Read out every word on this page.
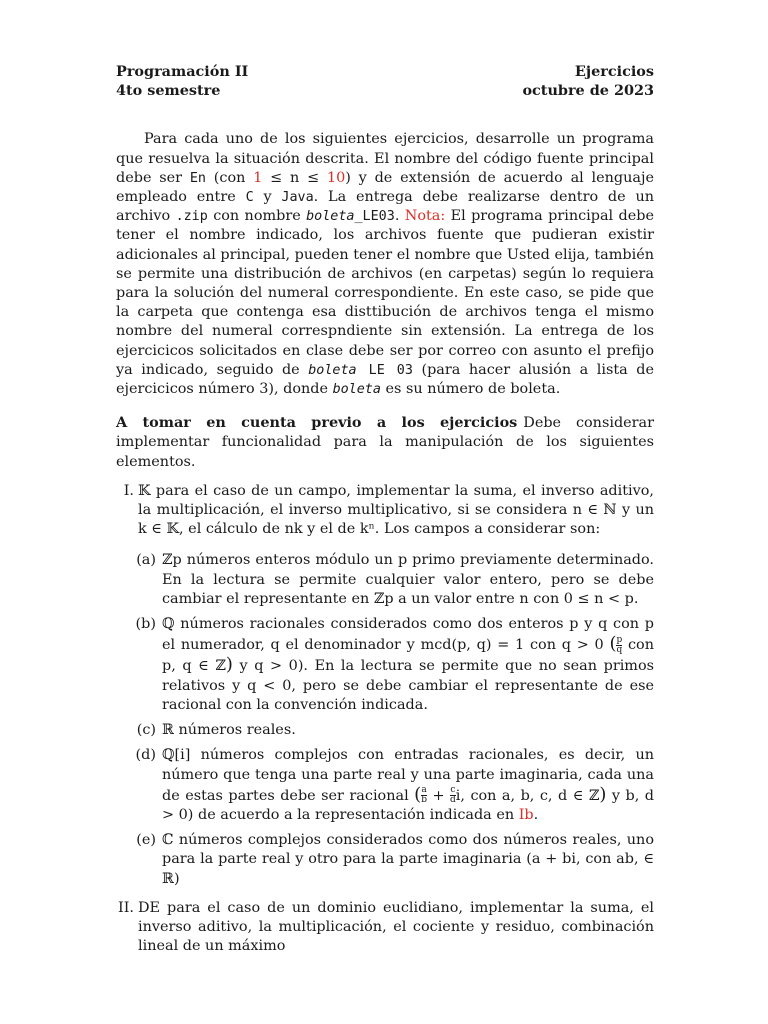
Programación II
4to semestre
Ejercicios
octubre de 2023

Para cada uno de los siguientes ejercicios, desarrolle un programa que resuelva la situación descrita. El nombre del código fuente principal debe ser En (con 1 ≤ n ≤ 10) y de extensión de acuerdo al lenguaje empleado entre C y Java. La entrega debe realizarse dentro de un archivo .zip con nombre boleta_LE03. Nota: El programa principal debe tener el nombre indicado, los archivos fuente que pudieran existir adicionales al principal, pueden tener el nombre que Usted elija, también se permite una distribución de archivos (en carpetas) según lo requiera para la solución del numeral correspondiente. En este caso, se pide que la carpeta que contenga esa disttibución de archivos tenga el mismo nombre del numeral correspndiente sin extensión. La entrega de los ejercicicos solicitados en clase debe ser por correo con asunto el prefijo ya indicado, seguido de boleta LE 03 (para hacer alusión a lista de ejercicicos número 3), donde boleta es su número de boleta.

A tomar en cuenta previo a los ejercicios Debe considerar implementar funcionalidad para la manipulación de los siguientes elementos.

I. 𝕂 para el caso de un campo, implementar la suma, el inverso aditivo, la multiplicación, el inverso multiplicativo, si se considera n ∈ ℕ y un k ∈ 𝕂, el cálculo de nk y el de kⁿ. Los campos a considerar son:

(a) ℤp números enteros módulo un p primo previamente determinado. En la lectura se permite cualquier valor entero, pero se debe cambiar el representante en ℤp a un valor entre n con 0 ≤ n < p.

(b) ℚ números racionales considerados como dos enteros p y q con p el numerador, q el denominador y mcd(p, q) = 1 con q > 0 ( $\frac{p}{q}$ con p, q ∈ ℤ) y q > 0). En la lectura se permite que no sean primos relativos y q < 0, pero se debe cambiar el representante de ese racional con la convención indicada.

(c) ℝ números reales.

(d) ℚ[i] números complejos con entradas racionales, es decir, un número que tenga una parte real y una parte imaginaria, cada una de estas partes debe ser racional ( $\frac{a}{b} + \frac{c}{d} i$, con a, b, c, d ∈ ℤ) y b, d > 0) de acuerdo a la representación indicada en Ib.

(e) ℂ números complejos considerados como dos números reales, uno para la parte real y otro para la parte imaginaria (a + bi, con ab, ∈ ℝ)

II. DE para el caso de un dominio euclidiano, implementar la suma, el inverso aditivo, la multiplicación, el cociente y residuo, combinación lineal de un máximo
